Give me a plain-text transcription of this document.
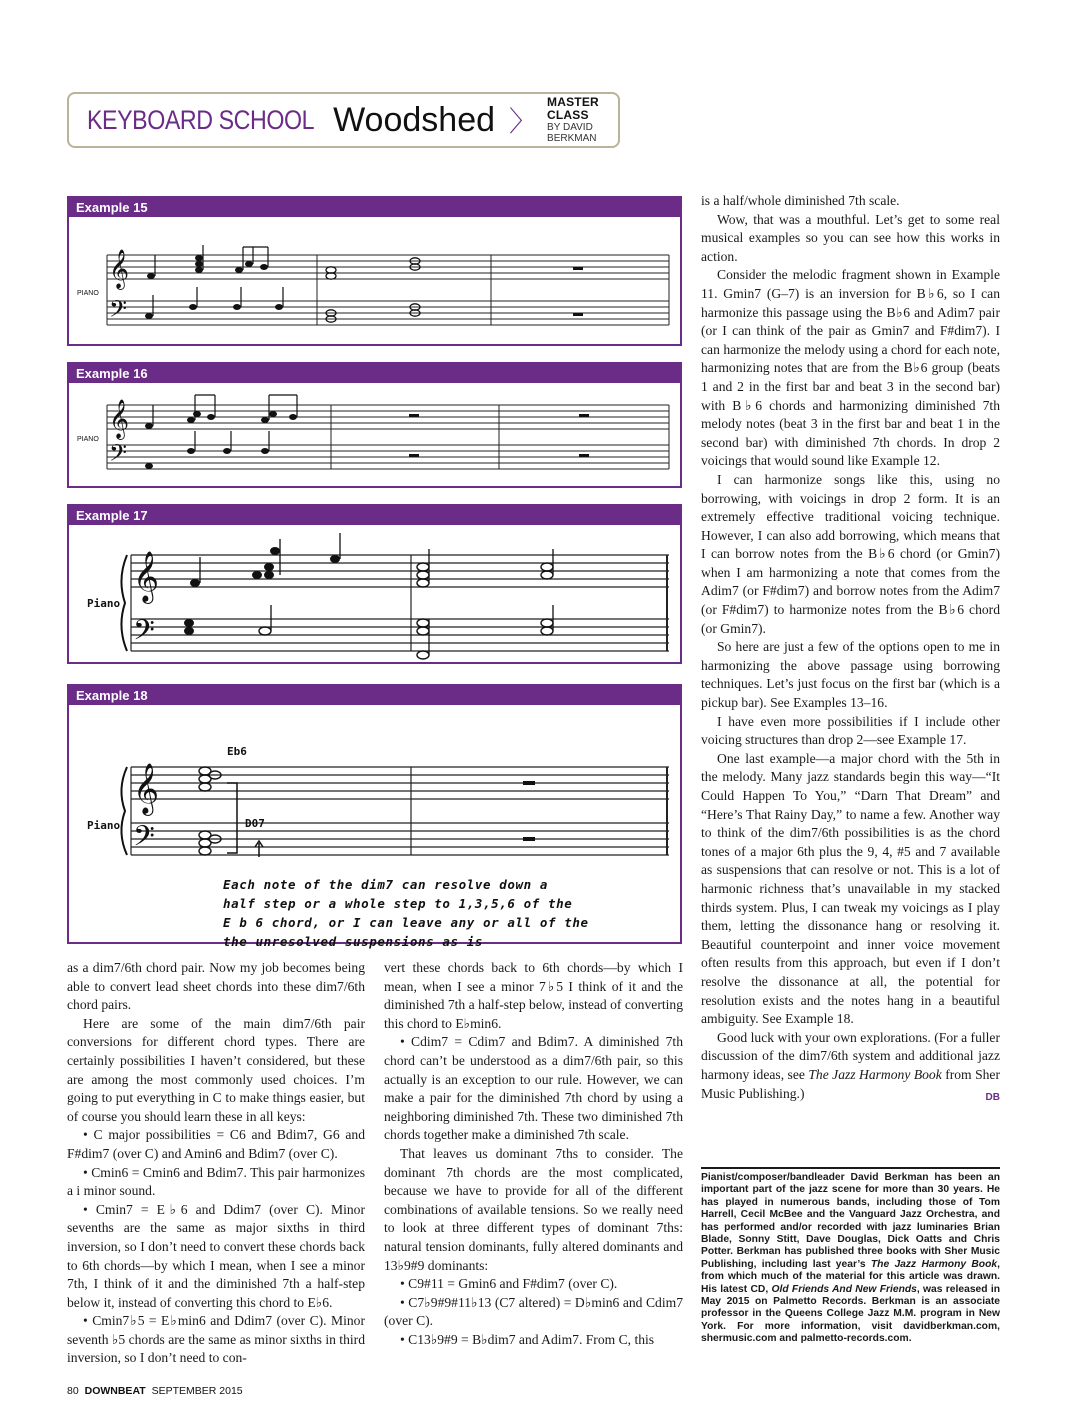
KEYBOARD SCHOOL Woodshed 〉
MASTER CLASS
BY DAVID BERKMAN
Example 15
𝄞
𝄢
PIANO
Example 16
𝄞
𝄢
PIANO
Example 17
𝄞
𝄢
Piano
Example 18
𝄞
𝄢
Piano
Eb6
D07
Each note of the dim7 can resolve down a
half step or a whole step to 1,3,5,6 of the
E b 6 chord, or I can leave any or all of the
the unresolved suspensions as is

as a dim7/6th chord pair. Now my job becomes being able to convert lead sheet chords into these dim7/6th chord pairs.

Here are some of the main dim7/6th pair conversions for different chord types. There are certainly possibilities I haven’t considered, but these are among the most commonly used choices. I’m going to put everything in C to make things easier, but of course you should learn these in all keys:

• C major possibilities = C6 and Bdim7, G6 and F#dim7 (over C) and Amin6 and Bdim7 (over C).

• Cmin6 = Cmin6 and Bdim7. This pair harmonizes a i minor sound.

• Cmin7 = E♭6 and Ddim7 (over C). Minor sevenths are the same as major sixths in third inversion, so I don’t need to convert these chords back to 6th chords—by which I mean, when I see a minor 7th, I think of it and the diminished 7th a half-step below it, instead of converting this chord to E♭6.

• Cmin7♭5 = E♭min6 and Ddim7 (over C). Minor seventh ♭5 chords are the same as minor sixths in third inversion, so I don’t need to con-

vert these chords back to 6th chords—by which I mean, when I see a minor 7♭5 I think of it and the diminished 7th a half-step below, instead of converting this chord to E♭min6.

• Cdim7 = Cdim7 and Bdim7. A diminished 7th chord can’t be understood as a dim7/6th pair, so this actually is an exception to our rule. However, we can make a pair for the diminished 7th chord by using a neighboring diminished 7th. These two diminished 7th chords together make a diminished 7th scale.

That leaves us dominant 7ths to consider. The dominant 7th chords are the most complicated, because we have to provide for all of the different combinations of available tensions. So we really need to look at three different types of dominant 7ths: natural tension dominants, fully altered dominants and 13♭9#9 dominants:

• C9#11 = Gmin6 and F#dim7 (over C).

• C7♭9#9#11♭13 (C7 altered) = D♭min6 and Cdim7 (over C).

• C13♭9#9 = B♭dim7 and Adim7. From C, this

is a half/whole diminished 7th scale.

Wow, that was a mouthful. Let’s get to some real musical examples so you can see how this works in action.

Consider the melodic fragment shown in Example 11. Gmin7 (G–7) is an inversion for B♭6, so I can harmonize this passage using the B♭6 and Adim7 pair (or I can think of the pair as Gmin7 and F#dim7). I can harmonize the melody using a chord for each note, harmonizing notes that are from the B♭6 group (beats 1 and 2 in the first bar and beat 3 in the second bar) with B♭6 chords and harmonizing diminished 7th melody notes (beat 3 in the first bar and beat 1 in the second bar) with diminished 7th chords. In drop 2 voicings that would sound like Example 12.

I can harmonize songs like this, using no borrowing, with voicings in drop 2 form. It is an extremely effective traditional voicing technique. However, I can also add borrowing, which means that I can borrow notes from the B♭6 chord (or Gmin7) when I am harmonizing a note that comes from the Adim7 (or F#dim7) and borrow notes from the Adim7 (or F#dim7) to harmonize notes from the B♭6 chord (or Gmin7).

So here are just a few of the options open to me in harmonizing the above passage using borrowing techniques. Let’s just focus on the first bar (which is a pickup bar). See Examples 13–16.

I have even more possibilities if I include other voicing structures than drop 2—see Example 17.

One last example—a major chord with the 5th in the melody. Many jazz standards begin this way—“It Could Happen To You,” “Darn That Dream” and “Here’s That Rainy Day,” to name a few. Another way to think of the dim7/6th possibilities is as the chord tones of a major 6th plus the 9, 4, #5 and 7 available as suspensions that can resolve or not. This is a lot of harmonic richness that’s unavailable in my stacked thirds system. Plus, I can tweak my voicings as I play them, letting the dissonance hang or resolving it. Beautiful counterpoint and inner voice movement often results from this approach, but even if I don’t resolve the dissonance at all, the potential for resolution exists and the notes hang in a beautiful ambiguity. See Example 18.

Good luck with your own explorations. (For a fuller discussion of the dim7/6th system and additional jazz harmony ideas, see The Jazz Harmony Book from Sher Music Publishing.)	DB

Pianist/composer/bandleader David Berkman has been an important part of the jazz scene for more than 30 years. He has played in numerous bands, including those of Tom Harrell, Cecil McBee and the Vanguard Jazz Orchestra, and has performed and/or recorded with jazz luminaries Brian Blade, Sonny Stitt, Dave Douglas, Dick Oatts and Chris Potter. Berkman has published three books with Sher Music Publishing, including last year’s The Jazz Harmony Book, from which much of the material for this article was drawn. His latest CD, Old Friends And New Friends, was released in May 2015 on Palmetto Records. Berkman is an associate professor in the Queens College Jazz M.M. program in New York. For more information, visit davidberkman.com, shermusic.com and palmetto-records.com.
80 DOWNBEAT SEPTEMBER 2015
